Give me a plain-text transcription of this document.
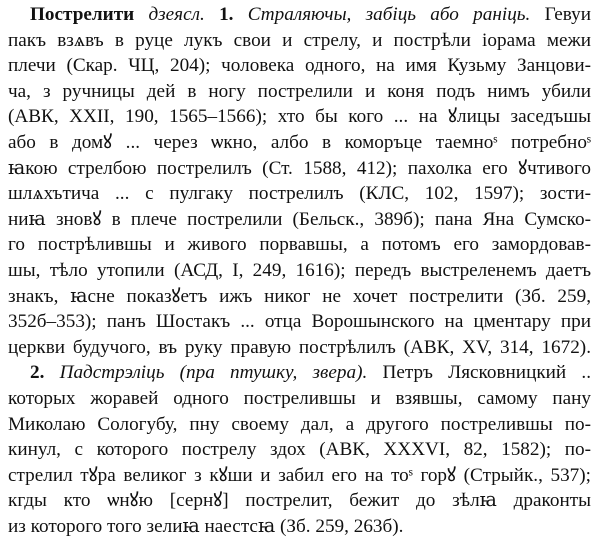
Пострелити дзеясл. 1. Страляючы, забіць або раніць. Гевуи
пакъ взѧвъ в руце лукъ свои и стрелу, и пострѣли іорама межи
плечи (Скар. ЧЦ, 204); чоловека одного, на имя Кузьму Занцови-
ча, з ручницы дей в ногу пострелили и коня подъ нимъ убили
(АВК, XXII, 190, 1565–1566); хто бы кого ... на ꙋлицы заседъшы
або в домꙋ ... через ѡкно, албо в коморъце таемноˢ потребноˢ
ꙗкою стрелбою пострелилъ (Ст. 1588, 412); пахолка его ꙋчтивого
шлѧхътича ... с пулгаку пострелилъ (КЛС, 102, 1597); зости-
ниꙗ зновꙋ в плече пострелили (Бельск., 389б); пана Яна Сумско-
го пострѣлившы и живого порвавшы, а потомъ его замордовав-
шы, тѣло утопили (АСД, I, 249, 1616); передъ выстреленемъ даетъ
знакъ, ꙗсне показꙋетъ ижъ никог не хочет пострелити (Зб. 259,
352б–353); панъ Шостакъ ... отца Ворошынского на цментару при
церкви будучого, въ руку правую пострѣлилъ (АВК, XV, 314, 1672).
2. Падстрэліць (пра птушку, звера). Петръ Лясковницкий ..
которых жоравей одного пострелившы и взявшы, самому пану
Миколаю Сологубу, пну своему дал, а другого пострелившы по-
кинул, с которого пострелу здох (АВК, XXXVI, 82, 1582); по-
стрелил тꙋра великог з кꙋши и забил его на тоˢ горꙋ (Стрыйк., 537);
кгды кто ѡнꙋю [сернꙋ] пострелит, бежит до зѣлꙗ драконты
из которого того зелиꙗ наестсꙗ (Зб. 259, 263б).
